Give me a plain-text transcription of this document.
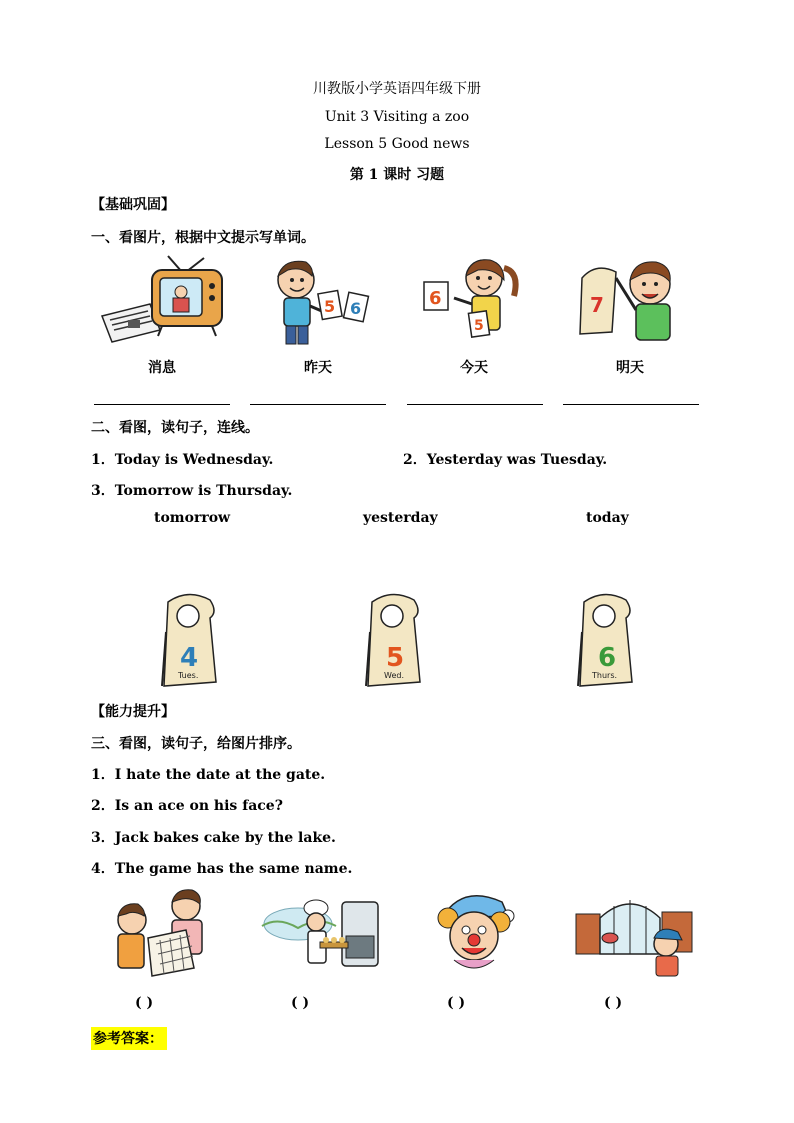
川教版小学英语四年级下册
Unit 3 Visiting a zoo
Lesson 5 Good news
第 1 课时 习题
【基础巩固】
一、看图片，根据中文提示写单词。
5 6	6
5
7
消息	昨天	今天	明天
二、看图，读句子，连线。
1．Today is Wednesday.	2．Yesterday was Tuesday.
3．Tomorrow is Thursday.
tomorrow	yesterday	today
4
Tues.
5
Wed.
6
Thurs.
【能力提升】
三、看图，读句子，给图片排序。
1．I hate the date at the gate.
2．Is an ace on his face?
3．Jack bakes cake by the lake.
4．The game has the same name.
( )	( )	( )	( )
参考答案：
